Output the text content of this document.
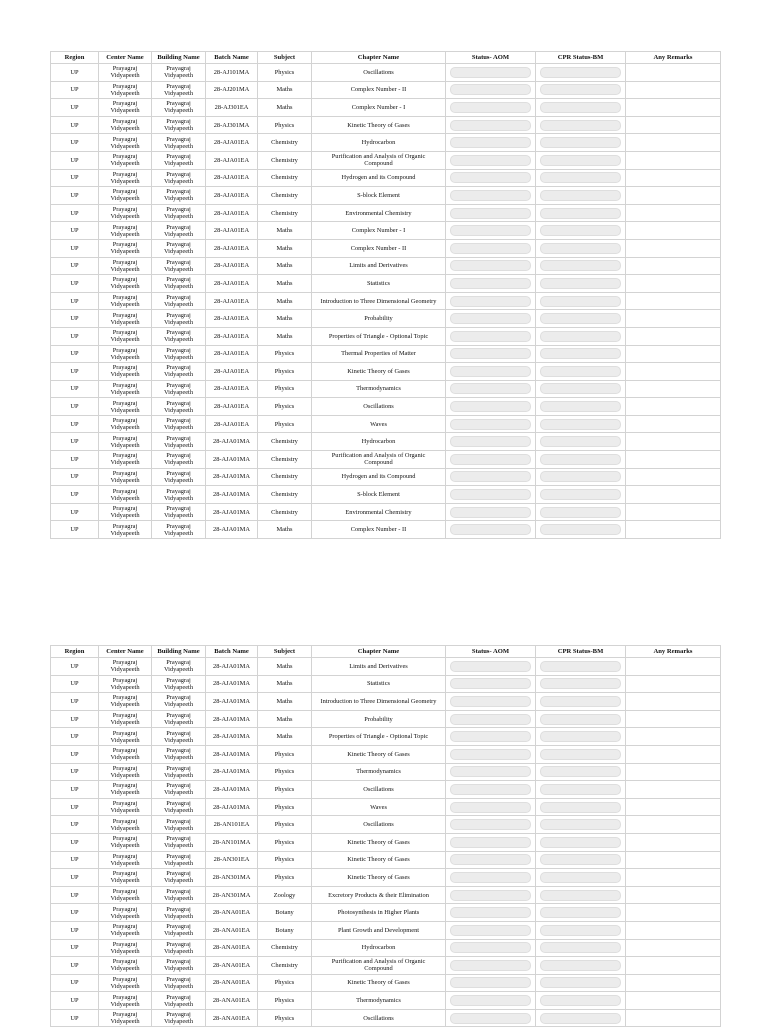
Region	Center Name	Building Name	Batch Name	Subject	Chapter Name	Status- AOM	CPR Status-BM	Any Remarks
UP	Prayagraj Vidyapeeth	Prayagraj Vidyapeeth	28-AJ101MA	Physics	Oscillations	

UP	Prayagraj Vidyapeeth	Prayagraj Vidyapeeth	28-AJ201MA	Maths	Complex Number - II	

UP	Prayagraj Vidyapeeth	Prayagraj Vidyapeeth	28-AJ301EA	Maths	Complex Number - I	

UP	Prayagraj Vidyapeeth	Prayagraj Vidyapeeth	28-AJ301MA	Physics	Kinetic Theory of Gases	

UP	Prayagraj Vidyapeeth	Prayagraj Vidyapeeth	28-AJA01EA	Chemistry	Hydrocarbon	

UP	Prayagraj Vidyapeeth	Prayagraj Vidyapeeth	28-AJA01EA	Chemistry	Purification and Analysis of Organic Compound	

UP	Prayagraj Vidyapeeth	Prayagraj Vidyapeeth	28-AJA01EA	Chemistry	Hydrogen and its Compound	

UP	Prayagraj Vidyapeeth	Prayagraj Vidyapeeth	28-AJA01EA	Chemistry	S-block Element	

UP	Prayagraj Vidyapeeth	Prayagraj Vidyapeeth	28-AJA01EA	Chemistry	Environmental Chemistry	

UP	Prayagraj Vidyapeeth	Prayagraj Vidyapeeth	28-AJA01EA	Maths	Complex Number - I	

UP	Prayagraj Vidyapeeth	Prayagraj Vidyapeeth	28-AJA01EA	Maths	Complex Number - II	

UP	Prayagraj Vidyapeeth	Prayagraj Vidyapeeth	28-AJA01EA	Maths	Limits and Derivatives	

UP	Prayagraj Vidyapeeth	Prayagraj Vidyapeeth	28-AJA01EA	Maths	Statistics	

UP	Prayagraj Vidyapeeth	Prayagraj Vidyapeeth	28-AJA01EA	Maths	Introduction to Three Dimensional Geometry	

UP	Prayagraj Vidyapeeth	Prayagraj Vidyapeeth	28-AJA01EA	Maths	Probability	

UP	Prayagraj Vidyapeeth	Prayagraj Vidyapeeth	28-AJA01EA	Maths	Properties of Triangle - Optional Topic	

UP	Prayagraj Vidyapeeth	Prayagraj Vidyapeeth	28-AJA01EA	Physics	Thermal Properties of Matter	

UP	Prayagraj Vidyapeeth	Prayagraj Vidyapeeth	28-AJA01EA	Physics	Kinetic Theory of Gases	

UP	Prayagraj Vidyapeeth	Prayagraj Vidyapeeth	28-AJA01EA	Physics	Thermodynamics	

UP	Prayagraj Vidyapeeth	Prayagraj Vidyapeeth	28-AJA01EA	Physics	Oscillations	

UP	Prayagraj Vidyapeeth	Prayagraj Vidyapeeth	28-AJA01EA	Physics	Waves	

UP	Prayagraj Vidyapeeth	Prayagraj Vidyapeeth	28-AJA01MA	Chemistry	Hydrocarbon	

UP	Prayagraj Vidyapeeth	Prayagraj Vidyapeeth	28-AJA01MA	Chemistry	Purification and Analysis of Organic Compound	

UP	Prayagraj Vidyapeeth	Prayagraj Vidyapeeth	28-AJA01MA	Chemistry	Hydrogen and its Compound	

UP	Prayagraj Vidyapeeth	Prayagraj Vidyapeeth	28-AJA01MA	Chemistry	S-block Element	

UP	Prayagraj Vidyapeeth	Prayagraj Vidyapeeth	28-AJA01MA	Chemistry	Environmental Chemistry	

UP	Prayagraj Vidyapeeth	Prayagraj Vidyapeeth	28-AJA01MA	Maths	Complex Number - II	

Region	Center Name	Building Name	Batch Name	Subject	Chapter Name	Status- AOM	CPR Status-BM	Any Remarks
UP	Prayagraj Vidyapeeth	Prayagraj Vidyapeeth	28-AJA01MA	Maths	Limits and Derivatives	

UP	Prayagraj Vidyapeeth	Prayagraj Vidyapeeth	28-AJA01MA	Maths	Statistics	

UP	Prayagraj Vidyapeeth	Prayagraj Vidyapeeth	28-AJA01MA	Maths	Introduction to Three Dimensional Geometry	

UP	Prayagraj Vidyapeeth	Prayagraj Vidyapeeth	28-AJA01MA	Maths	Probability	

UP	Prayagraj Vidyapeeth	Prayagraj Vidyapeeth	28-AJA01MA	Maths	Properties of Triangle - Optional Topic	

UP	Prayagraj Vidyapeeth	Prayagraj Vidyapeeth	28-AJA01MA	Physics	Kinetic Theory of Gases	

UP	Prayagraj Vidyapeeth	Prayagraj Vidyapeeth	28-AJA01MA	Physics	Thermodynamics	

UP	Prayagraj Vidyapeeth	Prayagraj Vidyapeeth	28-AJA01MA	Physics	Oscillations	

UP	Prayagraj Vidyapeeth	Prayagraj Vidyapeeth	28-AJA01MA	Physics	Waves	

UP	Prayagraj Vidyapeeth	Prayagraj Vidyapeeth	28-AN101EA	Physics	Oscillations	

UP	Prayagraj Vidyapeeth	Prayagraj Vidyapeeth	28-AN101MA	Physics	Kinetic Theory of Gases	

UP	Prayagraj Vidyapeeth	Prayagraj Vidyapeeth	28-AN301EA	Physics	Kinetic Theory of Gases	

UP	Prayagraj Vidyapeeth	Prayagraj Vidyapeeth	28-AN301MA	Physics	Kinetic Theory of Gases	

UP	Prayagraj Vidyapeeth	Prayagraj Vidyapeeth	28-AN301MA	Zoology	Excretory Products & their Elimination	

UP	Prayagraj Vidyapeeth	Prayagraj Vidyapeeth	28-ANA01EA	Botany	Photosynthesis in Higher Plants	

UP	Prayagraj Vidyapeeth	Prayagraj Vidyapeeth	28-ANA01EA	Botany	Plant Growth and Development	

UP	Prayagraj Vidyapeeth	Prayagraj Vidyapeeth	28-ANA01EA	Chemistry	Hydrocarbon	

UP	Prayagraj Vidyapeeth	Prayagraj Vidyapeeth	28-ANA01EA	Chemistry	Purification and Analysis of Organic Compound	

UP	Prayagraj Vidyapeeth	Prayagraj Vidyapeeth	28-ANA01EA	Physics	Kinetic Theory of Gases	

UP	Prayagraj Vidyapeeth	Prayagraj Vidyapeeth	28-ANA01EA	Physics	Thermodynamics	

UP	Prayagraj Vidyapeeth	Prayagraj Vidyapeeth	28-ANA01EA	Physics	Oscillations	
